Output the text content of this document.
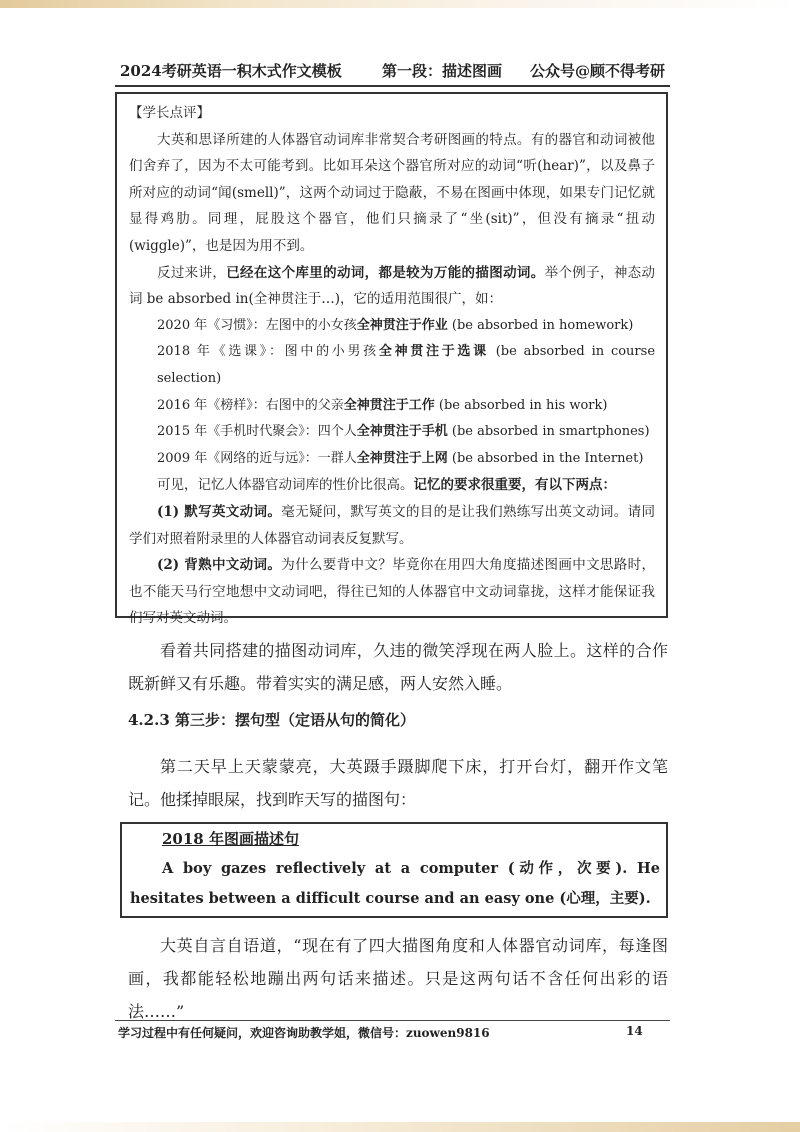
2024考研英语一积木式作文模板	第一段：描述图画 公众号@顾不得考研

【学长点评】

大英和思译所建的人体器官动词库非常契合考研图画的特点。有的器官和动词被他们舍弃了，因为不太可能考到。比如耳朵这个器官所对应的动词“听(hear)”，以及鼻子所对应的动词“闻(smell)”，这两个动词过于隐蔽，不易在图画中体现，如果专门记忆就显得鸡肋。同理，屁股这个器官，他们只摘录了“坐(sit)”，但没有摘录“扭动(wiggle)”，也是因为用不到。

反过来讲，已经在这个库里的动词，都是较为万能的描图动词。举个例子，神态动词 be absorbed in(全神贯注于…)，它的适用范围很广，如：

2020 年《习惯》：左图中的小女孩全神贯注于作业 (be absorbed in homework)

2018 年《选课》：图中的小男孩全神贯注于选课 (be absorbed in course selection)

2016 年《榜样》：右图中的父亲全神贯注于工作 (be absorbed in his work)

2015 年《手机时代聚会》：四个人全神贯注于手机 (be absorbed in smartphones)

2009 年《网络的近与远》：一群人全神贯注于上网 (be absorbed in the Internet)

可见，记忆人体器官动词库的性价比很高。记忆的要求很重要，有以下两点：

(1) 默写英文动词。毫无疑问，默写英文的目的是让我们熟练写出英文动词。请同学们对照着附录里的人体器官动词表反复默写。

(2) 背熟中文动词。为什么要背中文？毕竟你在用四大角度描述图画中文思路时，也不能天马行空地想中文动词吧，得往已知的人体器官中文动词靠拢，这样才能保证我们写对英文动词。

看着共同搭建的描图动词库，久违的微笑浮现在两人脸上。这样的合作既新鲜又有乐趣。带着实实的满足感，两人安然入睡。
4.2.3 第三步：摆句型（定语从句的简化）
第二天早上天蒙蒙亮，大英蹑手蹑脚爬下床，打开台灯，翻开作文笔记。他揉掉眼屎，找到昨天写的描图句：
2018 年图画描述句
A boy gazes reflectively at a computer (动作，次要). He hesitates between a difficult course and an easy one (心理，主要).
大英自言自语道，“现在有了四大描图角度和人体器官动词库，每逢图画，我都能轻松地蹦出两句话来描述。只是这两句话不含任何出彩的语法……”
学习过程中有任何疑问，欢迎咨询助教学姐，微信号：zuowen9816	14
